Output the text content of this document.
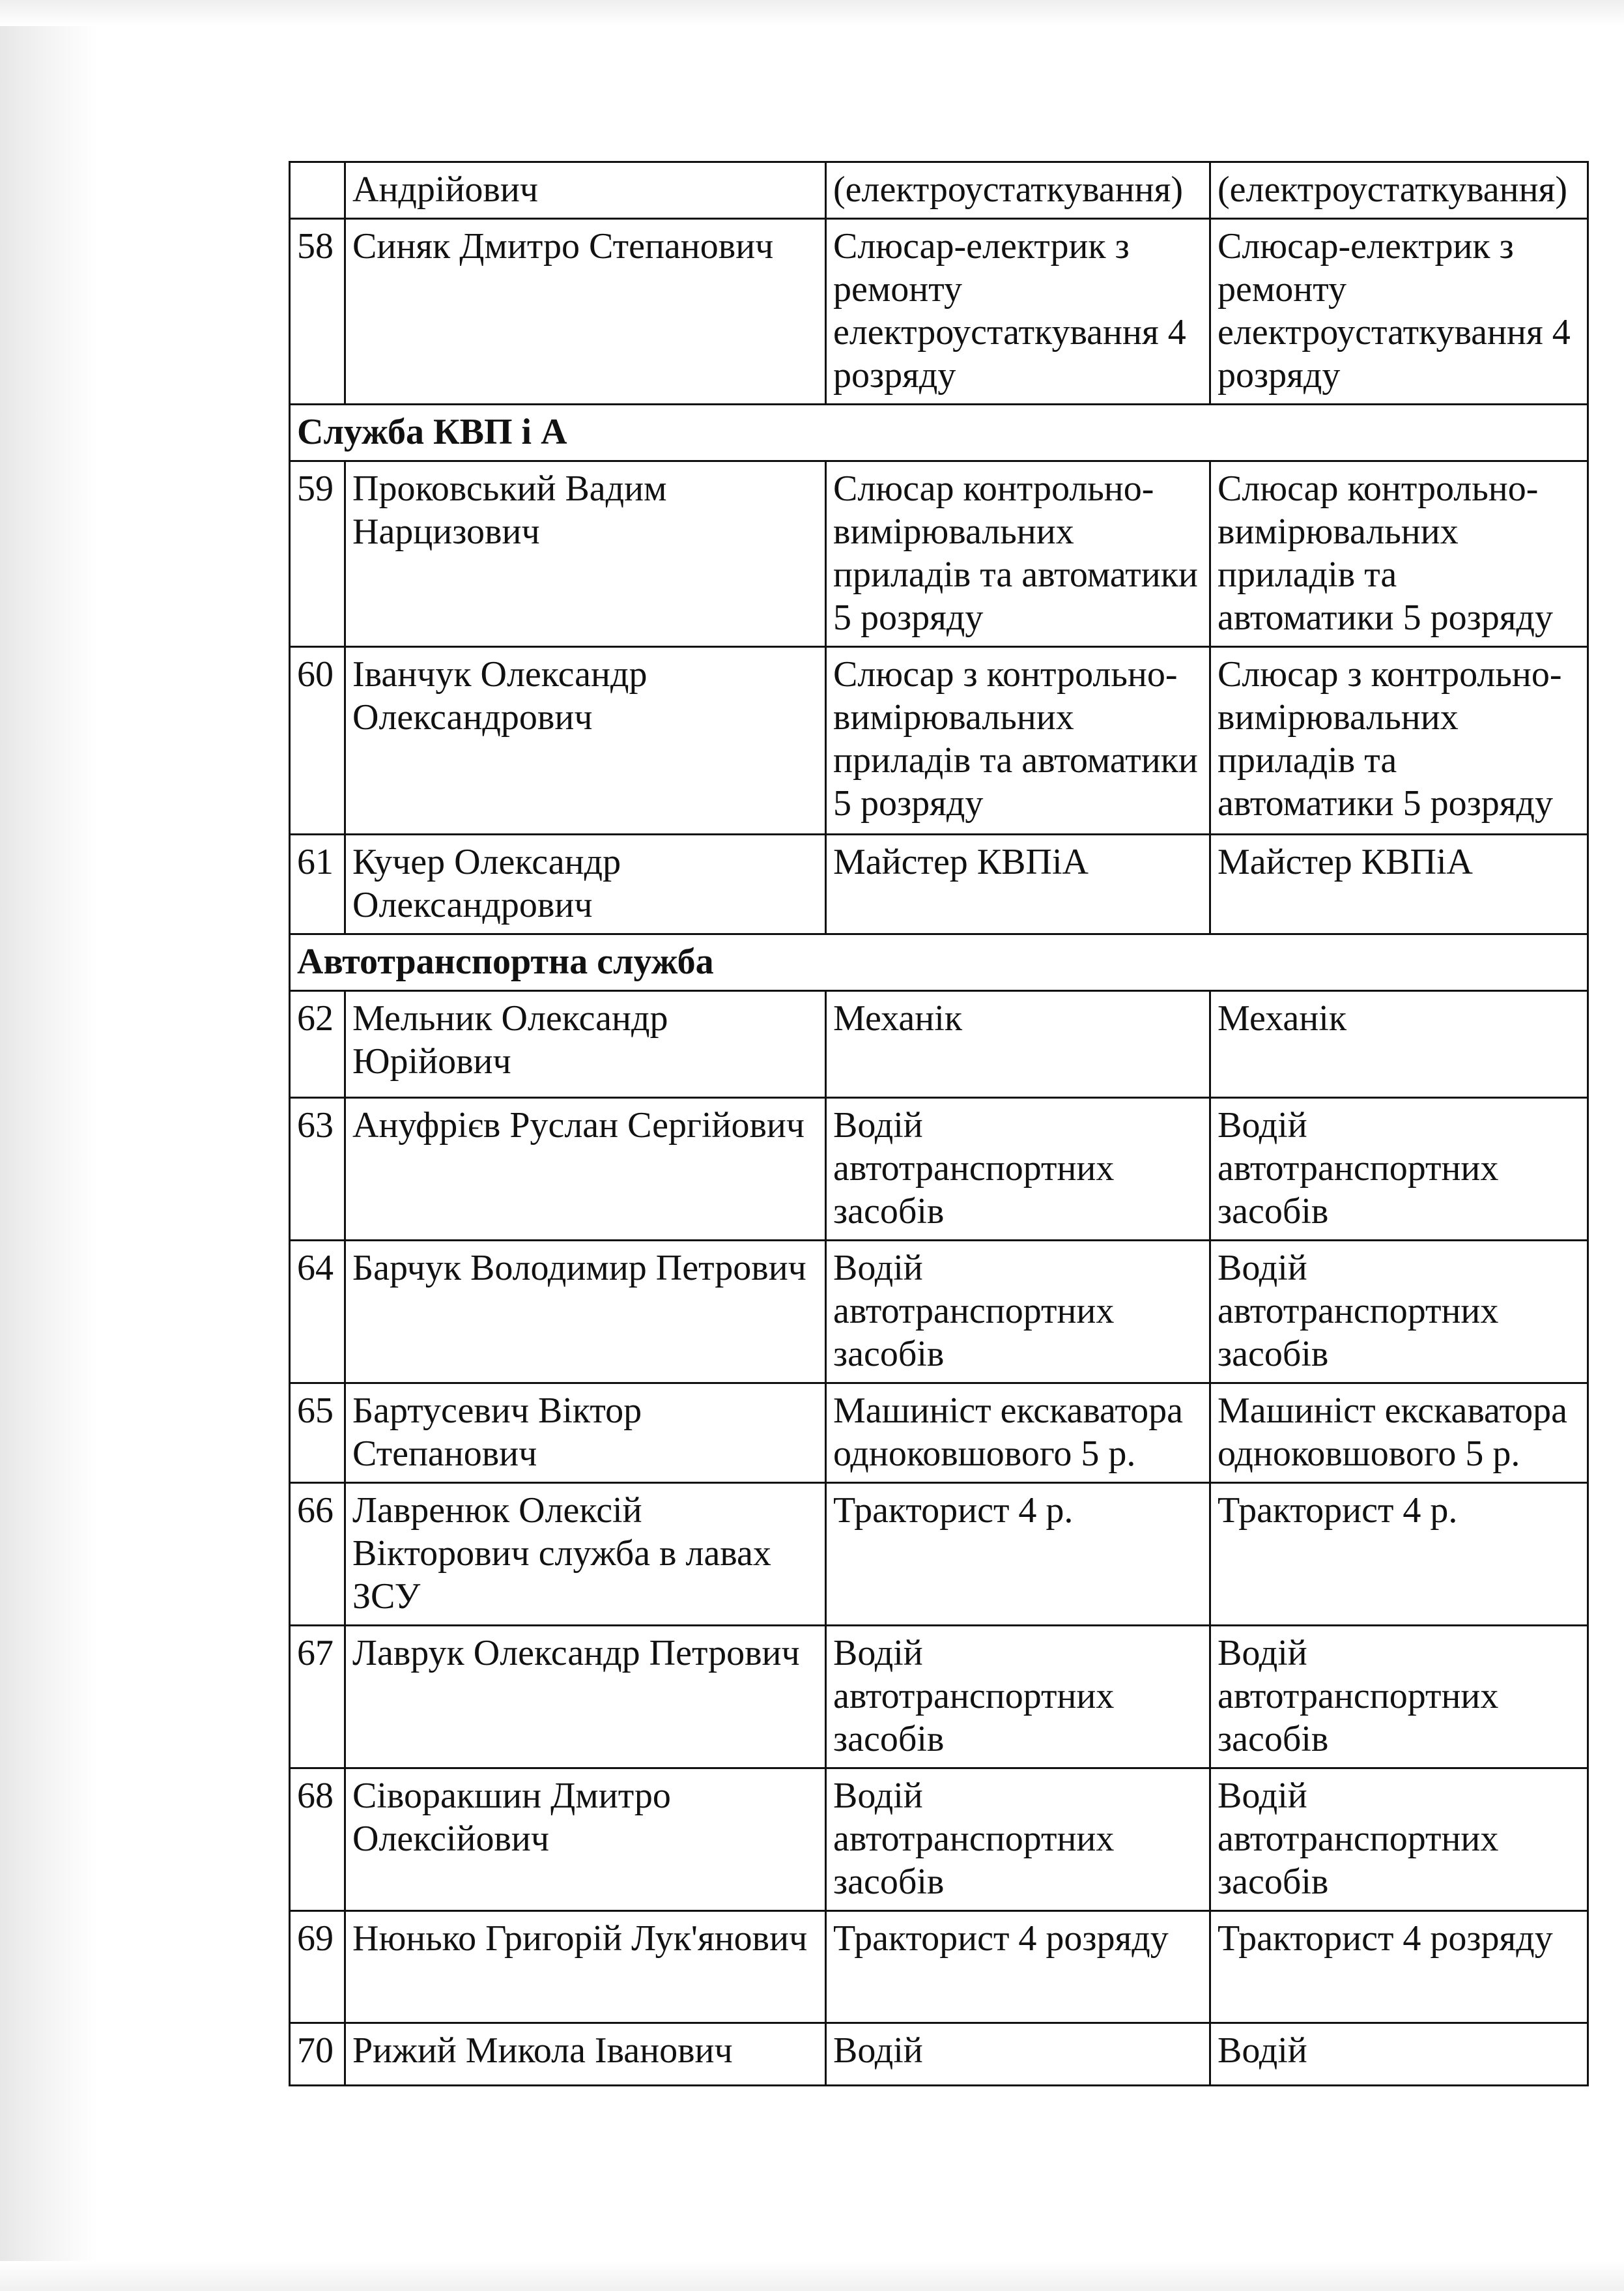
	Андрійович	(електроустаткування)	(електроустаткування)
58	Синяк Дмитро Степанович	Слюсар-електрик з ремонту електроустаткування 4 розряду	Слюсар-електрик з ремонту електроустаткування 4 розряду
Служба КВП і А			
59	Проковський Вадим Нарцизович	Слюсар контрольно-вимірювальних приладів та автоматики 5 розряду	Слюсар контрольно-вимірювальних приладів та автоматики 5 розряду
60	Іванчук Олександр Олександрович	Слюсар з контрольно-вимірювальних приладів та автоматики 5 розряду	Слюсар з контрольно-вимірювальних приладів та автоматики 5 розряду
61	Кучер Олександр Олександрович	Майстер КВПіА	Майстер КВПіА
Автотранспортна служба			
62	Мельник Олександр Юрійович	Механік	Механік
63	Ануфрієв Руслан Сергійович	Водій автотранспортних засобів	Водій автотранспортних засобів
64	Барчук Володимир Петрович	Водій автотранспортних засобів	Водій автотранспортних засобів
65	Бартусевич Віктор Степанович	Машиніст екскаватора одноковшового 5 р.	Машиніст екскаватора одноковшового 5 р.
66	Лавренюк Олексій Вікторович служба в лавах ЗСУ	Тракторист 4 р.	Тракторист 4 р.
67	Лаврук Олександр Петрович	Водій автотранспортних засобів	Водій автотранспортних засобів
68	Сіворакшин Дмитро Олексійович	Водій автотранспортних засобів	Водій автотранспортних засобів
69	Нюнько Григорій Лук'янович	Тракторист 4 розряду	Тракторист 4 розряду
70	Рижий Микола Іванович	Водій	Водій
